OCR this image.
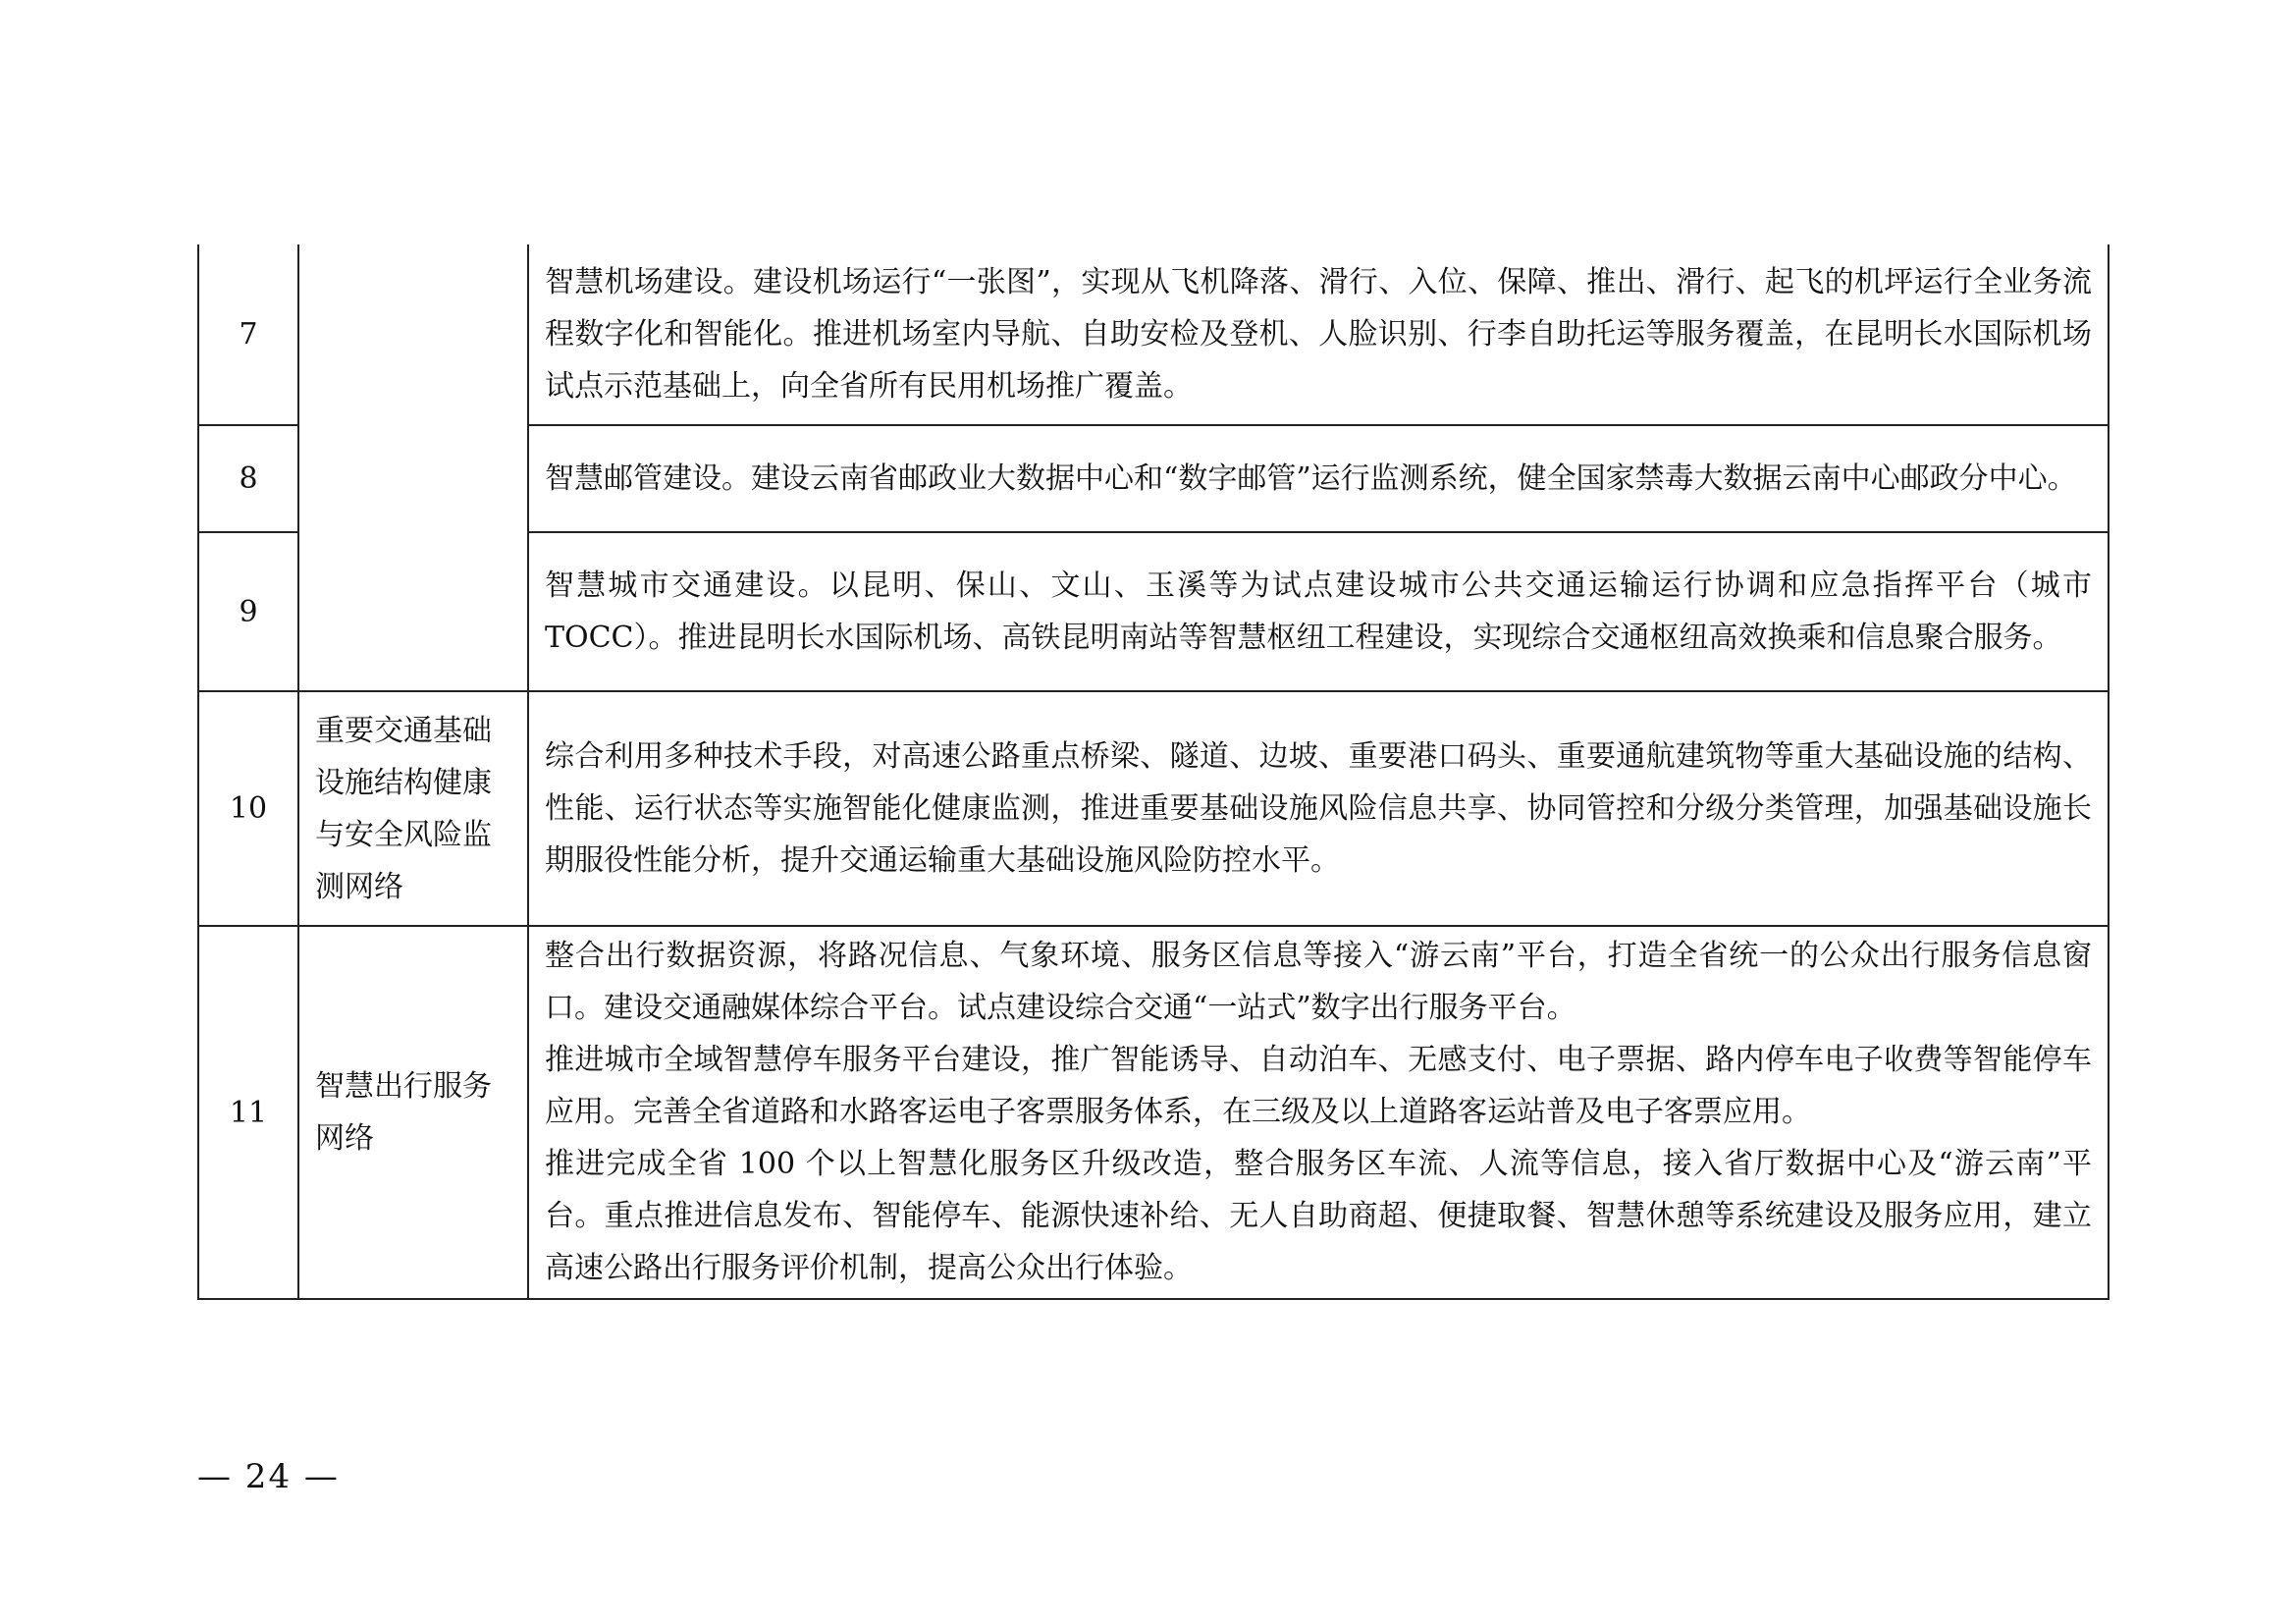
7		智慧机场建设。建设机场运行“一张图”，实现从飞机降落、滑行、入位、保障、推出、滑行、起飞的机坪运行全业务流程数字化和智能化。推进机场室内导航、自助安检及登机、人脸识别、行李自助托运等服务覆盖，在昆明长水国际机场试点示范基础上，向全省所有民用机场推广覆盖。

8		智慧邮管建设。建设云南省邮政业大数据中心和“数字邮管”运行监测系统，健全国家禁毒大数据云南中心邮政分中心。

9		智慧城市交通建设。以昆明、保山、文山、玉溪等为试点建设城市公共交通运输运行协调和应急指挥平台（城市 TOCC）。推进昆明长水国际机场、高铁昆明南站等智慧枢纽工程建设，实现综合交通枢纽高效换乘和信息聚合服务。

10	重要交通基础设施结构健康与安全风险监测网络	综合利用多种技术手段，对高速公路重点桥梁、隧道、边坡、重要港口码头、重要通航建筑物等重大基础设施的结构、性能、运行状态等实施智能化健康监测，推进重要基础设施风险信息共享、协同管控和分级分类管理，加强基础设施长期服役性能分析，提升交通运输重大基础设施风险防控水平。

11	智慧出行服务网络	整合出行数据资源，将路况信息、气象环境、服务区信息等接入“游云南”平台，打造全省统一的公众出行服务信息窗口。建设交通融媒体综合平台。试点建设综合交通“一站式”数字出行服务平台。
推进城市全域智慧停车服务平台建设，推广智能诱导、自动泊车、无感支付、电子票据、路内停车电子收费等智能停车应用。完善全省道路和水路客运电子客票服务体系，在三级及以上道路客运站普及电子客票应用。
推进完成全省 100 个以上智慧化服务区升级改造，整合服务区车流、人流等信息，接入省厅数据中心及“游云南”平台。重点推进信息发布、智能停车、能源快速补给、无人自助商超、便捷取餐、智慧休憩等系统建设及服务应用，建立高速公路出行服务评价机制，提高公众出行体验。
— 24 —
